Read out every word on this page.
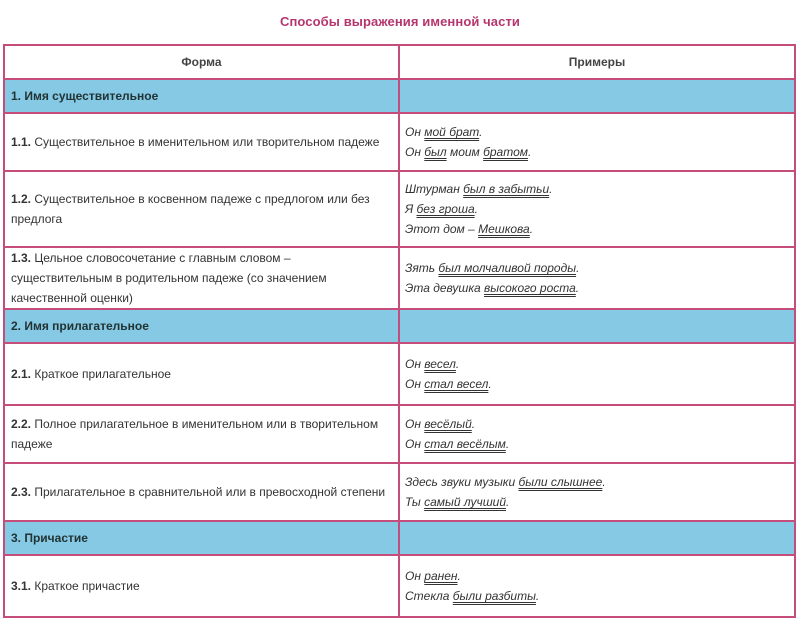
Способы выражения именной части
Форма	Примеры
1. Имя существительное	
1.1. Существительное в именительном или творительном падеже	Он мой брат.
Он был моим братом.

1.2. Существительное в косвенном падеже с предлогом или без предлога	Штурман был в забытьи.
Я без гроша.
Этот дом – Мешкова.

1.3. Цельное словосочетание с главным словом – существительным в родительном падеже (со значением качественной оценки)	Зять был молчаливой породы.
Эта девушка высокого роста.

2. Имя прилагательное	
2.1. Краткое прилагательное	Он весел.
Он стал весел.

2.2. Полное прилагательное в именительном или в творительном падеже	Он весёлый.
Он стал весёлым.

2.3. Прилагательное в сравнительной или в превосходной степени	Здесь звуки музыки были слышнее.
Ты самый лучший.

3. Причастие	
3.1. Краткое причастие	Он ранен.
Стекла были разбиты.
